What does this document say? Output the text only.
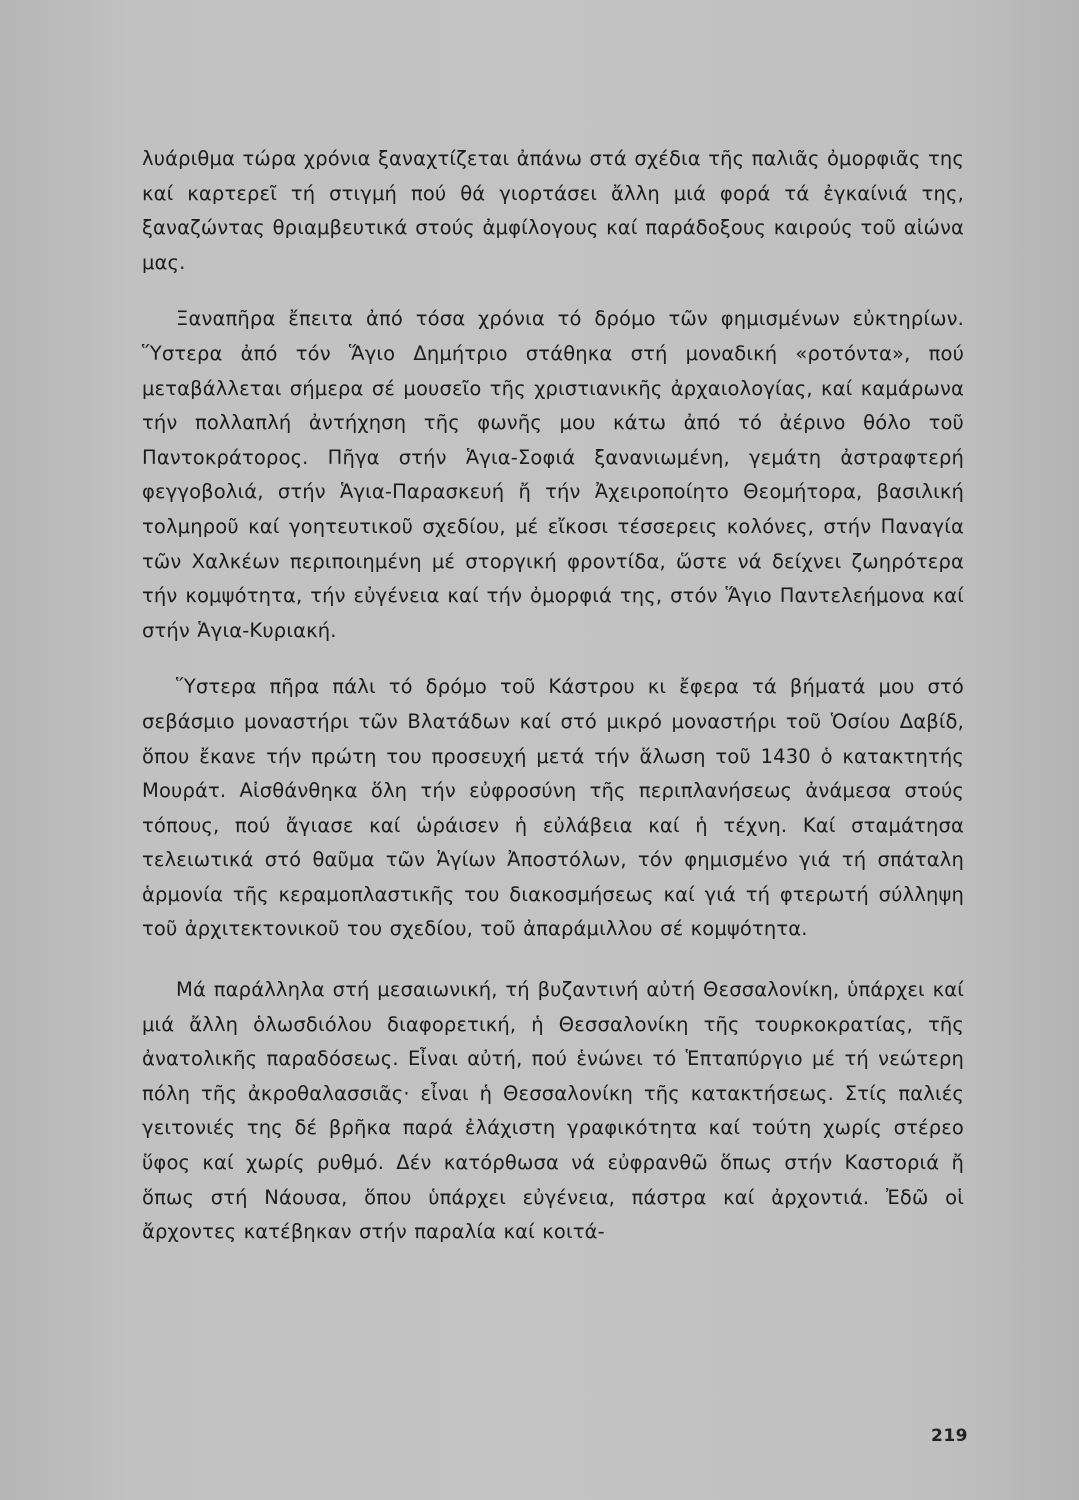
λυάριθμα τώρα χρόνια ξαναχτίζεται ἀπάνω στά σχέδια τῆς παλιᾶς ὀμορφιᾶς της καί καρτερεῖ τή στιγμή πού θά γιορτάσει ἄλλη μιά φορά τά ἐγκαίνιά της, ξαναζώντας θριαμβευτικά στούς ἀμφίλογους καί παράδοξους καιρούς τοῦ αἰώνα μας.

Ξαναπῆρα ἔπειτα ἀπό τόσα χρόνια τό δρόμο τῶν φημισμένων εὐκτηρίων. Ὕστερα ἀπό τόν Ἅγιο Δημήτριο στάθηκα στή μοναδική «ροτόντα», πού μεταβάλλεται σήμερα σέ μουσεῖο τῆς χριστιανικῆς ἀρχαιολογίας, καί καμάρωνα τήν πολλαπλή ἀντήχηση τῆς φωνῆς μου κάτω ἀπό τό ἀέρινο θόλο τοῦ Παντοκράτορος. Πῆγα στήν Ἁγια-Σοφιά ξανανιωμένη, γεμάτη ἀστραφτερή φεγγοβολιά, στήν Ἁγια-Παρασκευή ἤ τήν Ἀχειροποίητο Θεομήτορα, βασιλική τολμηροῦ καί γοητευτικοῦ σχεδίου, μέ εἴκοσι τέσσερεις κολόνες, στήν Παναγία τῶν Χαλκέων περιποιημένη μέ στοργική φροντίδα, ὥστε νά δείχνει ζωηρότερα τήν κομψότητα, τήν εὐγένεια καί τήν ὀμορφιά της, στόν Ἅγιο Παντελεήμονα καί στήν Ἁγια-Κυριακή.

Ὕστερα πῆρα πάλι τό δρόμο τοῦ Κάστρου κι ἔφερα τά βήματά μου στό σεβάσμιο μοναστήρι τῶν Βλατάδων καί στό μικρό μοναστήρι τοῦ Ὁσίου Δαβίδ, ὅπου ἔκανε τήν πρώτη του προσευχή μετά τήν ἅλωση τοῦ 1430 ὁ κατακτητής Μουράτ. Αἰσθάνθηκα ὅλη τήν εὐφροσύνη τῆς περιπλανήσεως ἀνάμεσα στούς τόπους, πού ἄγιασε καί ὡράισεν ἡ εὐλάβεια καί ἡ τέχνη. Καί σταμάτησα τελειωτικά στό θαῦμα τῶν Ἁγίων Ἀποστόλων, τόν φημισμένο γιά τή σπάταλη ἁρμονία τῆς κεραμοπλαστικῆς του διακοσμήσεως καί γιά τή φτερωτή σύλληψη τοῦ ἀρχιτεκτονικοῦ του σχεδίου, τοῦ ἀπαράμιλλου σέ κομψότητα.

Μά παράλληλα στή μεσαιωνική, τή βυζαντινή αὐτή Θεσσαλονίκη, ὑπάρχει καί μιά ἄλλη ὁλωσδιόλου διαφορετική, ἡ Θεσσαλονίκη τῆς τουρκοκρατίας, τῆς ἀνατολικῆς παραδόσεως. Εἶναι αὐτή, πού ἑνώνει τό Ἑπταπύργιο μέ τή νεώτερη πόλη τῆς ἀκροθαλασσιᾶς· εἶναι ἡ Θεσσαλονίκη τῆς κατακτήσεως. Στίς παλιές γειτονιές της δέ βρῆκα παρά ἐλάχιστη γραφικότητα καί τούτη χωρίς στέρεο ὕφος καί χωρίς ρυθμό. Δέν κατόρθωσα νά εὐφρανθῶ ὅπως στήν Καστοριά ἤ ὅπως στή Νάουσα, ὅπου ὑπάρχει εὐγένεια, πάστρα καί ἀρχοντιά. Ἐδῶ οἱ ἄρχοντες κατέβηκαν στήν παραλία καί κοιτά-

219
